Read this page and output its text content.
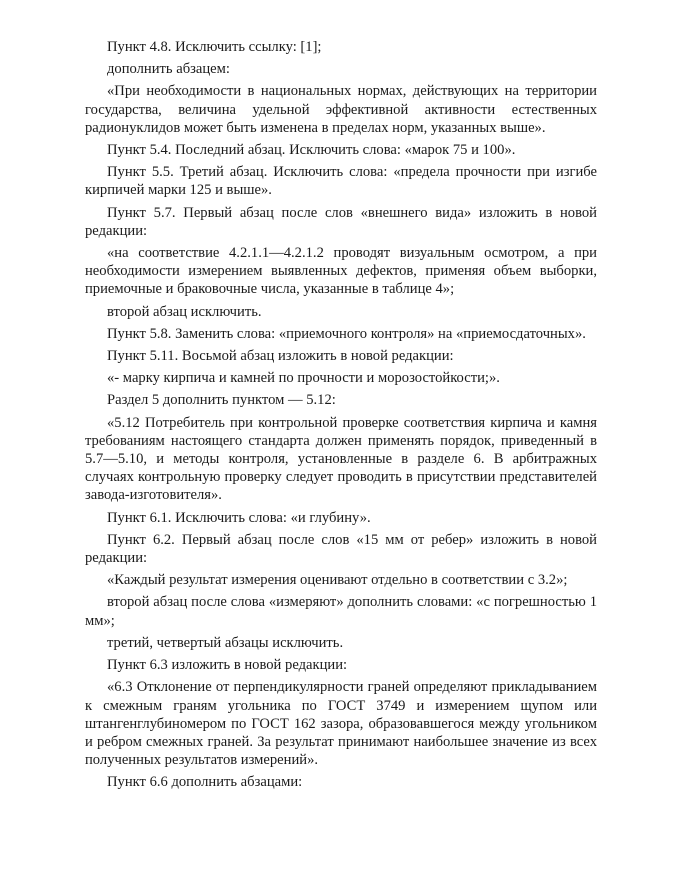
Пункт 4.8. Исключить ссылку: [1];

дополнить абзацем:

«При необходимости в национальных нормах, действующих на территории государства, величина удельной эффективной активности естественных радионуклидов может быть изменена в пределах норм, указанных выше».

Пункт 5.4. Последний абзац. Исключить слова: «марок 75 и 100».

Пункт 5.5. Третий абзац. Исключить слова: «предела прочности при изгибе кирпичей марки 125 и выше».

Пункт 5.7. Первый абзац после слов «внешнего вида» изложить в новой редакции:

«на соответствие 4.2.1.1—4.2.1.2 проводят визуальным осмотром, а при необходимости измерением выявленных дефектов, применяя объем выборки, приемочные и браковочные числа, указанные в таблице 4»;

второй абзац исключить.

Пункт 5.8. Заменить слова: «приемочного контроля» на «приемосдаточных».

Пункт 5.11. Восьмой абзац изложить в новой редакции:

«- марку кирпича и камней по прочности и морозостойкости;».

Раздел 5 дополнить пунктом — 5.12:

«5.12 Потребитель при контрольной проверке соответствия кирпича и камня требованиям настоящего стандарта должен применять порядок, приведенный в 5.7—5.10, и методы контроля, установленные в разделе 6. В арбитражных случаях контрольную проверку следует проводить в присутствии представителей завода-изготовителя».

Пункт 6.1. Исключить слова: «и глубину».

Пункт 6.2. Первый абзац после слов «15 мм от ребер» изложить в новой редакции:

«Каждый результат измерения оценивают отдельно в соответствии с 3.2»;

второй абзац после слова «измеряют» дополнить словами: «с погрешностью 1 мм»;

третий, четвертый абзацы исключить.

Пункт 6.3 изложить в новой редакции:

«6.3 Отклонение от перпендикулярности граней определяют прикладыванием к смежным граням угольника по ГОСТ 3749 и измерением щупом или штангенглубиномером по ГОСТ 162 зазора, образовавшегося между угольником и ребром смежных граней. За результат принимают наибольшее значение из всех полученных результатов измерений».

Пункт 6.6 дополнить абзацами:
